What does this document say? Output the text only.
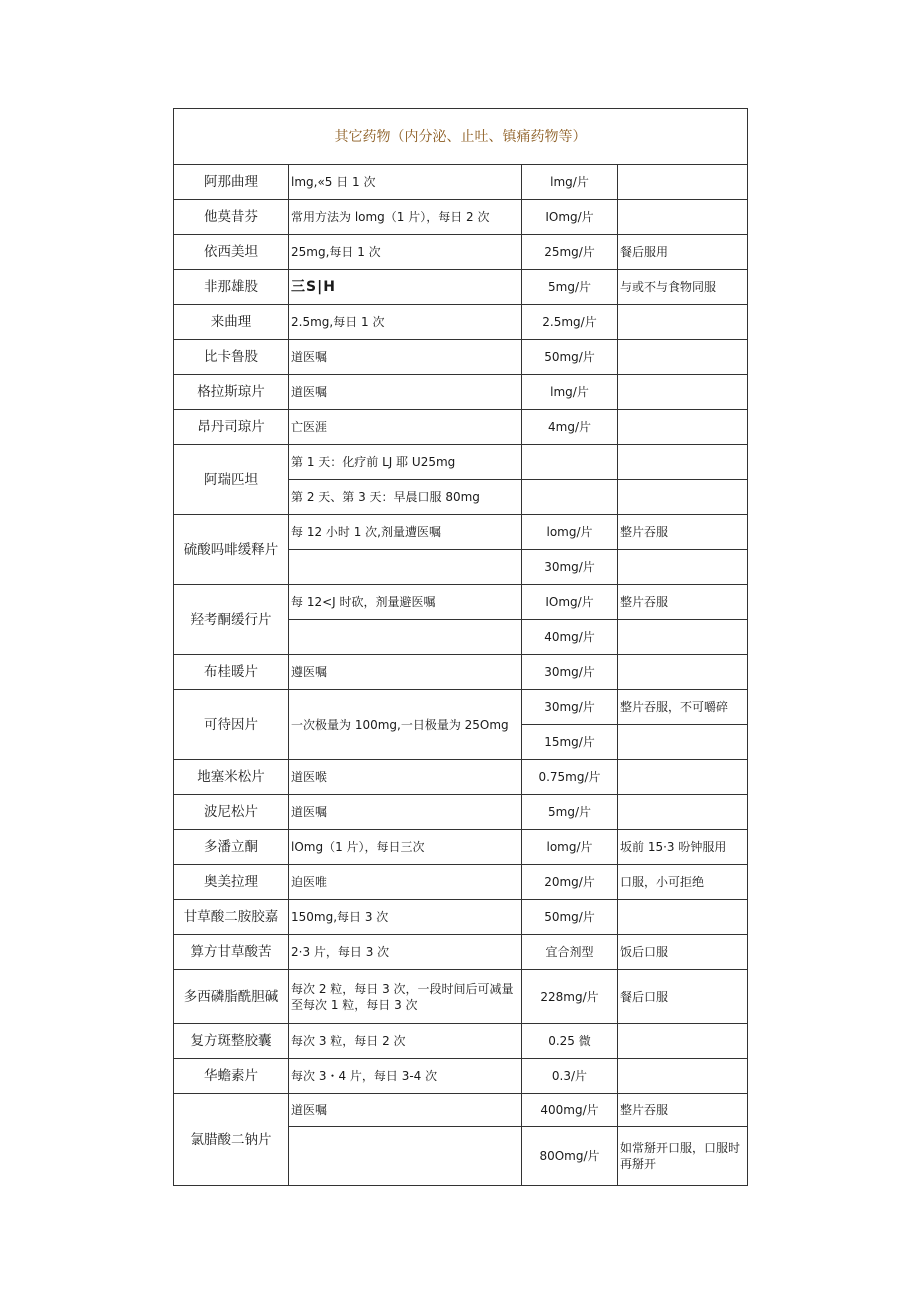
其它药物（内分泌、止吐、镇痛药物等）			
阿那曲理	lmg,«5 日 1 次	lmg/片	
他莫昔芬	常用方法为 lomg（1 片），每日 2 次	IOmg/片	
依西美坦	25mg,每日 1 次	25mg/片	餐后服用
非那雄股	三S|H	5mg/片	与或不与食物同服
来曲理	2.5mg,每日 1 次	2.5mg/片	
比卡鲁股	道医嘱	50mg/片	
格拉斯琼片	道医嘱	lmg/片	
昂丹司琼片	亡医涯	4mg/片	
阿瑞匹坦	第 1 天：化疗前 LJ 耶 U25mg		
	第 2 天、第 3 天：早晨口服 80mg		
硫酸吗啡缓释片	每 12 小时 1 次,剂量遭医嘱	lomg/片	整片吞服
		30mg/片	
羟考酮缓行片	每 12<J 时砍，剂量避医嘱	IOmg/片	整片吞服
		40mg/片	
布桂暖片	遵医嘱	30mg/片	
可待因片	一次极量为 100mg,一日极量为 25Omg	30mg/片	整片吞服，不可嚼碎
		15mg/片	
地塞米松片	道医喉	0.75mg/片	
波尼松片	道医嘱	5mg/片	
多潘立酮	lOmg（1 片），每日三次	lomg/片	坂前 15·3 吩钟服用
奥美拉理	迫医唯	20mg/片	口服，小可拒绝
甘草酸二胺胶嘉	150mg,每日 3 次	50mg/片	
算方甘草酸苦	2·3 片，每日 3 次	宜合剂型	饭后口服
多西磷脂酰胆碱	每次 2 粒，每日 3 次，一段时间后可减量至每次 1 粒，每日 3 次	228mg/片	餐后口服
复方斑整胶囊	每次 3 粒，每日 2 次	0.25 微	
华蟾素片	每次 3・4 片，每日 3-4 次	0.3/片	
氯腊酸二钠片	道医嘱	400mg/片	整片吞服
		80Omg/片	如常掰开口服，口服时再掰开
